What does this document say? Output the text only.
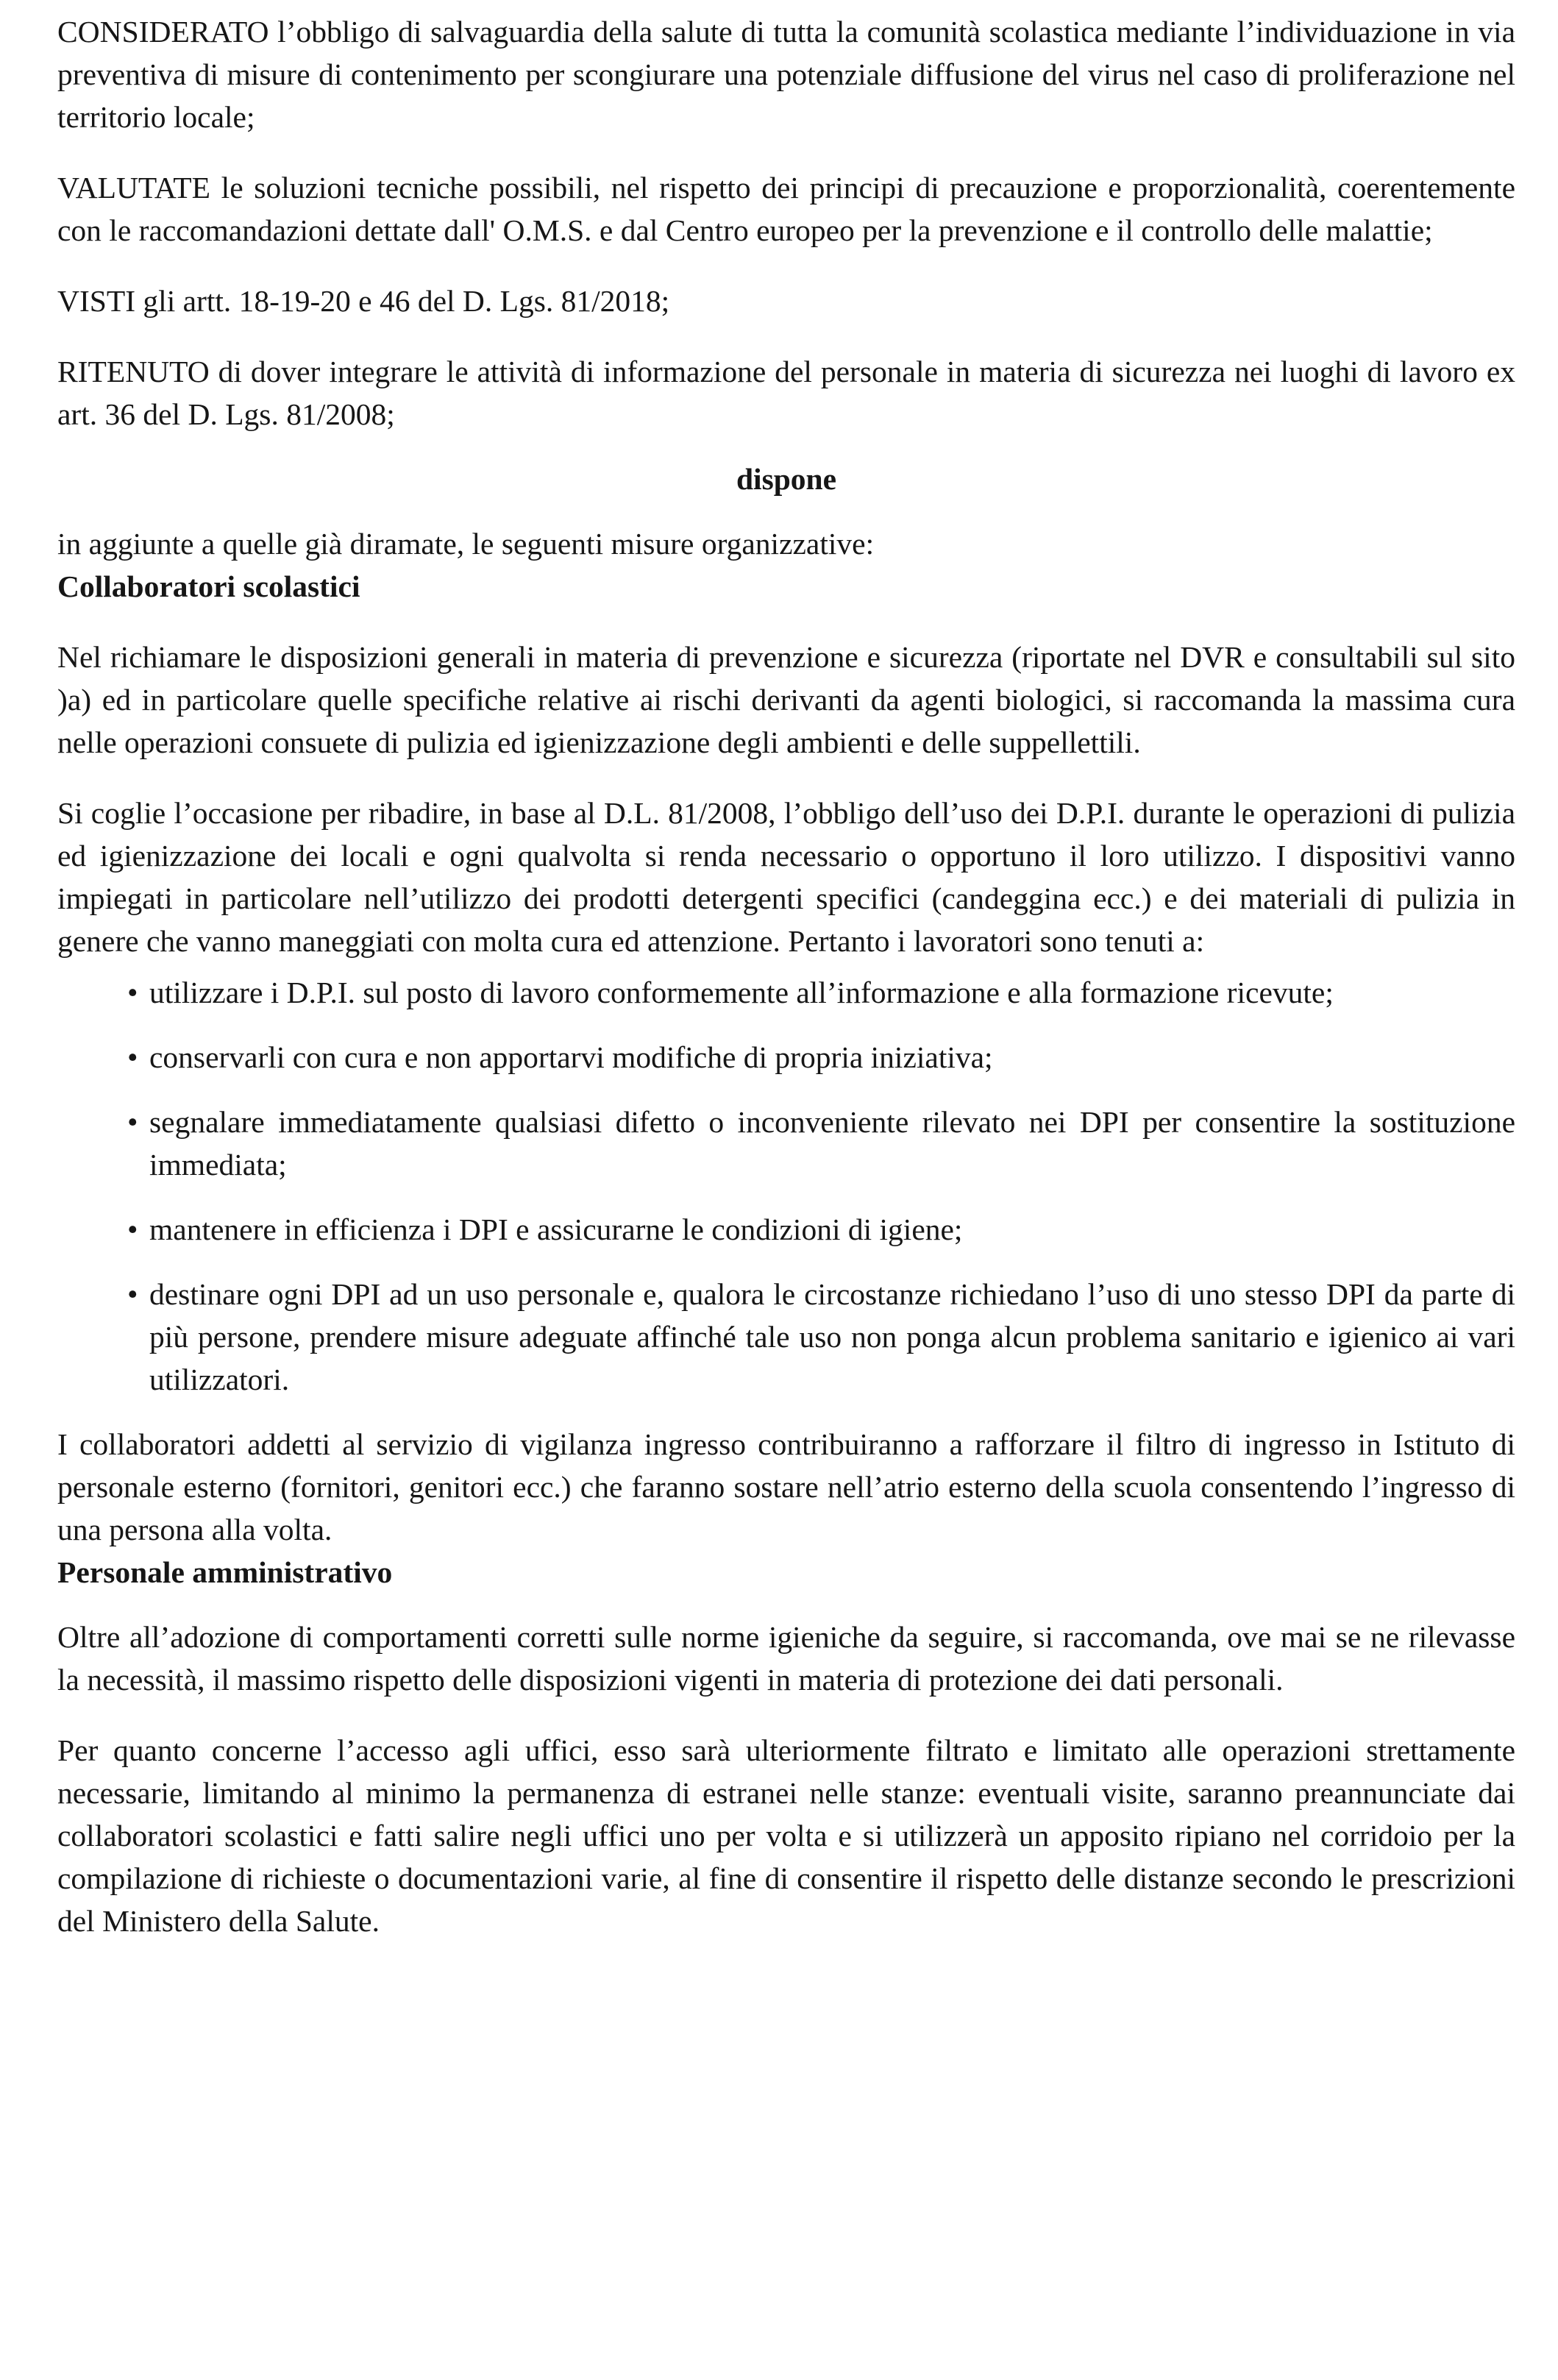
CONSIDERATO l’obbligo di salvaguardia della salute di tutta la comunità scolastica mediante l’individuazione in via preventiva di misure di contenimento per scongiurare una potenziale diffusione del virus nel caso di proliferazione nel territorio locale;

VALUTATE le soluzioni tecniche possibili, nel rispetto dei principi di precauzione e proporzionalità, coerentemente con le raccomandazioni dettate dall' O.M.S. e dal Centro europeo per la prevenzione e il controllo delle malattie;

VISTI gli artt. 18-19-20 e 46 del D. Lgs. 81/2018;

RITENUTO di dover integrare le attività di informazione del personale in materia di sicurezza nei luoghi di lavoro ex art. 36 del D. Lgs. 81/2008;

dispone

in aggiunte a quelle già diramate, le seguenti misure organizzative:

Collaboratori scolastici

Nel richiamare le disposizioni generali in materia di prevenzione e sicurezza (riportate nel DVR e consultabili sul sito )a) ed in particolare quelle specifiche relative ai rischi derivanti da agenti biologici, si raccomanda la massima cura nelle operazioni consuete di pulizia ed igienizzazione degli ambienti e delle suppellettili.

Si coglie l’occasione per ribadire, in base al D.L. 81/2008, l’obbligo dell’uso dei D.P.I. durante le operazioni di pulizia ed igienizzazione dei locali e ogni qualvolta si renda necessario o opportuno il loro utilizzo. I dispositivi vanno impiegati in particolare nell’utilizzo dei prodotti detergenti specifici (candeggina ecc.) e dei materiali di pulizia in genere che vanno maneggiati con molta cura ed attenzione. Pertanto i lavoratori sono tenuti a:

• utilizzare i D.P.I. sul posto di lavoro conformemente all’informazione e alla formazione ricevute;
• conservarli con cura e non apportarvi modifiche di propria iniziativa;
• segnalare immediatamente qualsiasi difetto o inconveniente rilevato nei DPI per consentire la sostituzione immediata;
• mantenere in efficienza i DPI e assicurarne le condizioni di igiene;
• destinare ogni DPI ad un uso personale e, qualora le circostanze richiedano l’uso di uno stesso DPI da parte di più persone, prendere misure adeguate affinché tale uso non ponga alcun problema sanitario e igienico ai vari utilizzatori.

I collaboratori addetti al servizio di vigilanza ingresso contribuiranno a rafforzare il filtro di ingresso in Istituto di personale esterno (fornitori, genitori ecc.) che faranno sostare nell’atrio esterno della scuola consentendo l’ingresso di una persona alla volta.

Personale amministrativo

Oltre all’adozione di comportamenti corretti sulle norme igieniche da seguire, si raccomanda, ove mai se ne rilevasse la necessità, il massimo rispetto delle disposizioni vigenti in materia di protezione dei dati personali.

Per quanto concerne l’accesso agli uffici, esso sarà ulteriormente filtrato e limitato alle operazioni strettamente necessarie, limitando al minimo la permanenza di estranei nelle stanze: eventuali visite, saranno preannunciate dai collaboratori scolastici e fatti salire negli uffici uno per volta e si utilizzerà un apposito ripiano nel corridoio per la compilazione di richieste o documentazioni varie, al fine di consentire il rispetto delle distanze secondo le prescrizioni del Ministero della Salute.
